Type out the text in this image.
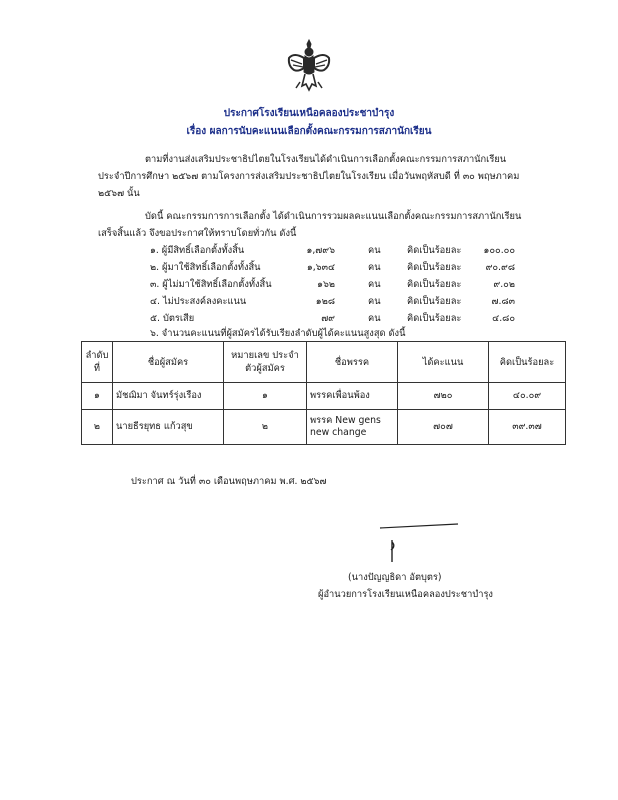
ประกาศโรงเรียนเหนือคลองประชาบำรุง
เรื่อง ผลการนับคะแนนเลือกตั้งคณะกรรมการสภานักเรียน
ตามที่งานส่งเสริมประชาธิปไตยในโรงเรียนได้ดำเนินการเลือกตั้งคณะกรรมการสภานักเรียน
ประจำปีการศึกษา ๒๕๖๗ ตามโครงการส่งเสริมประชาธิปไตยในโรงเรียน เมื่อวันพฤหัสบดี ที่ ๓๐ พฤษภาคม
๒๕๖๗ นั้น
บัดนี้ คณะกรรมการการเลือกตั้ง ได้ดำเนินการรวมผลคะแนนเลือกตั้งคณะกรรมการสภานักเรียน
เสร็จสิ้นแล้ว จึงขอประกาศให้ทราบโดยทั่วกัน ดังนี้
๑. ผู้มีสิทธิ์เลือกตั้งทั้งสิ้น	๑,๗๙๖	คน	คิดเป็นร้อยละ	๑๐๐.๐๐
๒. ผู้มาใช้สิทธิ์เลือกตั้งทั้งสิ้น	๑,๖๓๔	คน	คิดเป็นร้อยละ	๙๐.๙๘
๓. ผู้ไม่มาใช้สิทธิ์เลือกตั้งทั้งสิ้น	๑๖๒	คน	คิดเป็นร้อยละ	๙.๐๒
๔. ไม่ประสงค์ลงคะแนน	๑๒๘	คน	คิดเป็นร้อยละ	๗.๘๓
๕. บัตรเสีย	๗๙	คน	คิดเป็นร้อยละ	๔.๘๐
๖. จำนวนคะแนนที่ผู้สมัครได้รับเรียงลำดับผู้ได้คะแนนสูงสุด ดังนี้
ลำดับ ที่	ชื่อผู้สมัคร	หมายเลข ประจำตัวผู้สมัคร	ชื่อพรรค	ได้คะแนน	คิดเป็นร้อยละ
๑	มัชฌิมา จันทร์รุ่งเรือง	๑	พรรคเพื่อนพ้อง	๗๒๐	๔๐.๐๙
๒	นายธีรยุทธ แก้วสุข	๒	พรรค New gens new change	๗๐๗	๓๙.๓๗
ประกาศ ณ วันที่ ๓๐ เดือนพฤษภาคม พ.ศ. ๒๕๖๗
(นางปัญญธิดา อัตบุตร)
ผู้อำนวยการโรงเรียนเหนือคลองประชาบำรุง
